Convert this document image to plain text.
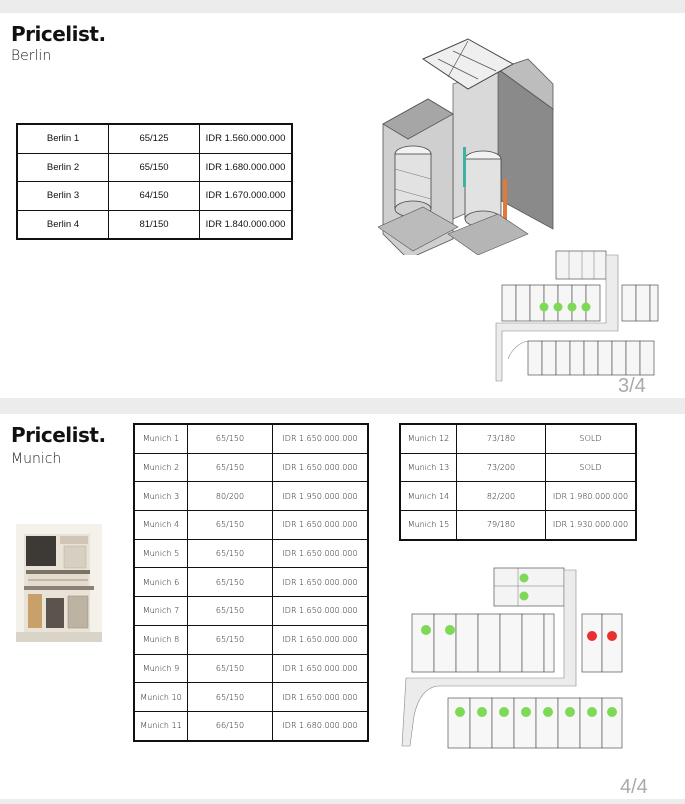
Pricelist.
Berlin
Berlin 1	65/125	IDR 1.560.000.000
Berlin 2	65/150	IDR 1.680.000.000
Berlin 3	64/150	IDR 1.670.000.000
Berlin 4	81/150	IDR 1.840.000.000
3/4
Pricelist.
Munich
Munich 1	65/150	IDR 1.650.000.000
Munich 2	65/150	IDR 1.650.000.000
Munich 3	80/200	IDR 1.950.000.000
Munich 4	65/150	IDR 1.650.000.000
Munich 5	65/150	IDR 1.650.000.000
Munich 6	65/150	IDR 1.650.000.000
Munich 7	65/150	IDR 1.650.000.000
Munich 8	65/150	IDR 1.650.000.000
Munich 9	65/150	IDR 1.650.000.000
Munich 10	65/150	IDR 1.650.000.000
Munich 11	66/150	IDR 1.680.000.000
Munich 12	73/180	SOLD
Munich 13	73/200	SOLD
Munich 14	82/200	IDR 1.980.000.000
Munich 15	79/180	IDR 1.930.000.000
4/4
